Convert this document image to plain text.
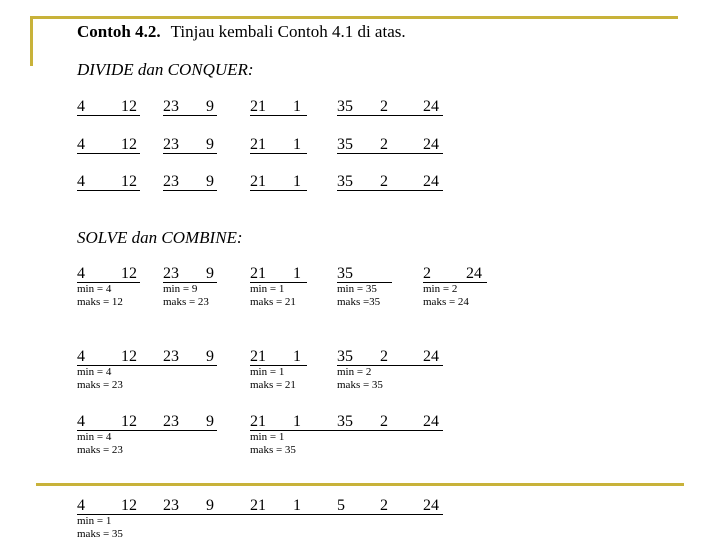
Contoh 4.2. Tinjau kembali Contoh 4.1 di atas.
DIVIDE dan CONQUER:
SOLVE dan COMBINE:
4 12 23 9 21 1 35 2 24
4 12 23 9 21 1 35 2 24
4 12 23 9 21 1 35 2 24
4 12 23 9 21 1 35	2 24
min = 4
maks = 12
min = 9
maks = 23
min = 1
maks = 21
min = 35
maks =35
min = 2
maks = 24
4 12 23 9 21 1 35 2 24
min = 4
maks = 23
min = 1
maks = 21
min = 2
maks = 35
4 12 23 9 21 1 35 2 24
min = 4
maks = 23
min = 1
maks = 35
4 12 23 9 21 1 5 2 24
min = 1
maks = 35
